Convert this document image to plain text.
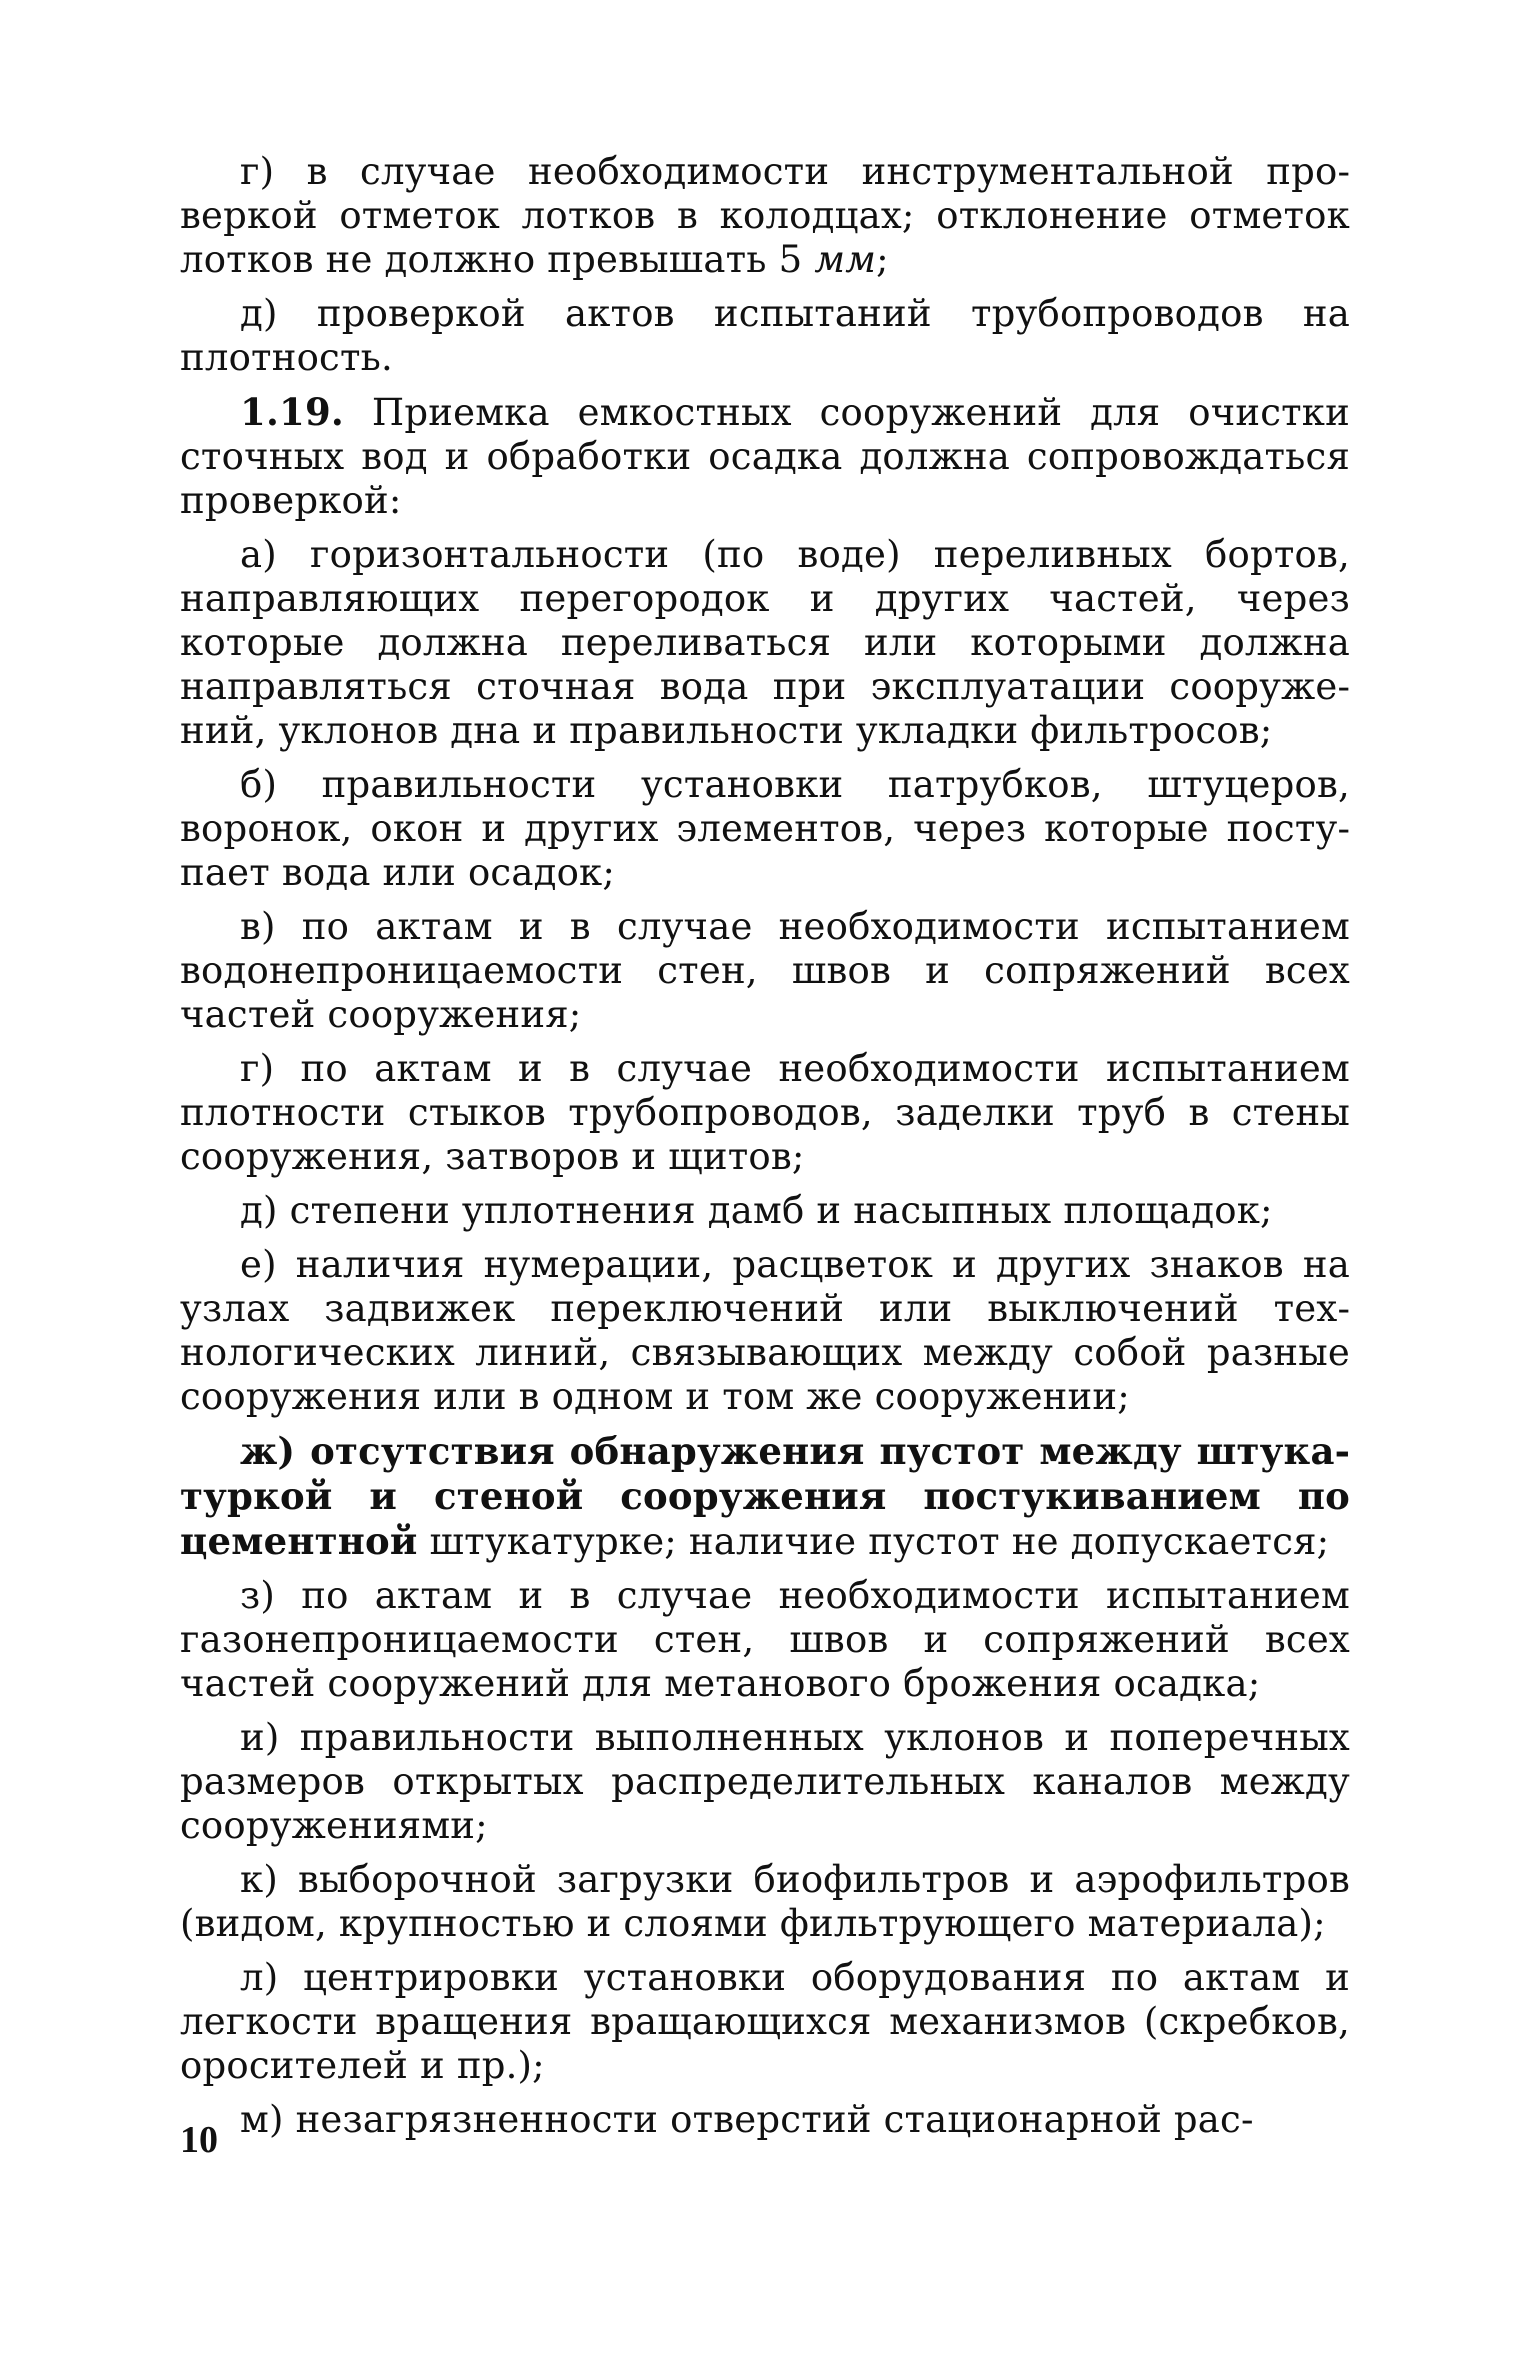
г) в случае необходимости инструментальной проверкой отметок лотков в колодцах; отклонение отметок лотков не должно превышать 5 мм;

д) проверкой актов испытаний трубопроводов на плотность.

1.19. Приемка емкостных сооружений для очистки сточных вод и обработки осадка должна сопровождаться проверкой:

а) горизонтальности (по воде) переливных бортов, направляющих перегородок и других частей, через которые должна переливаться или которыми должна направляться сточная вода при эксплуатации сооружений, уклонов дна и правильности укладки фильтросов;

б) правильности установки патрубков, штуцеров, воронок, окон и других элементов, через которые поступает вода или осадок;

в) по актам и в случае необходимости испытанием водонепроницаемости стен, швов и сопряжений всех частей сооружения;

г) по актам и в случае необходимости испытанием плотности стыков трубопроводов, заделки труб в стены сооружения, затворов и щитов;

д) степени уплотнения дамб и насыпных площадок;

е) наличия нумерации, расцветок и других знаков на узлах задвижек переключений или выключений технологических линий, связывающих между собой разные сооружения или в одном и том же сооружении;

ж) отсутствия обнаружения пустот между штукатуркой и стеной сооружения постукиванием по цементной штукатурке; наличие пустот не допускается;

з) по актам и в случае необходимости испытанием газонепроницаемости стен, швов и сопряжений всех частей сооружений для метанового брожения осадка;

и) правильности выполненных уклонов и поперечных размеров открытых распределительных каналов между сооружениями;

к) выборочной загрузки биофильтров и аэрофильтров (видом, крупностью и слоями фильтрующего материала);

л) центрировки установки оборудования по актам и легкости вращения вращающихся механизмов (скребков, оросителей и пр.);

м) незагрязненности отверстий стационарной рас-

10
